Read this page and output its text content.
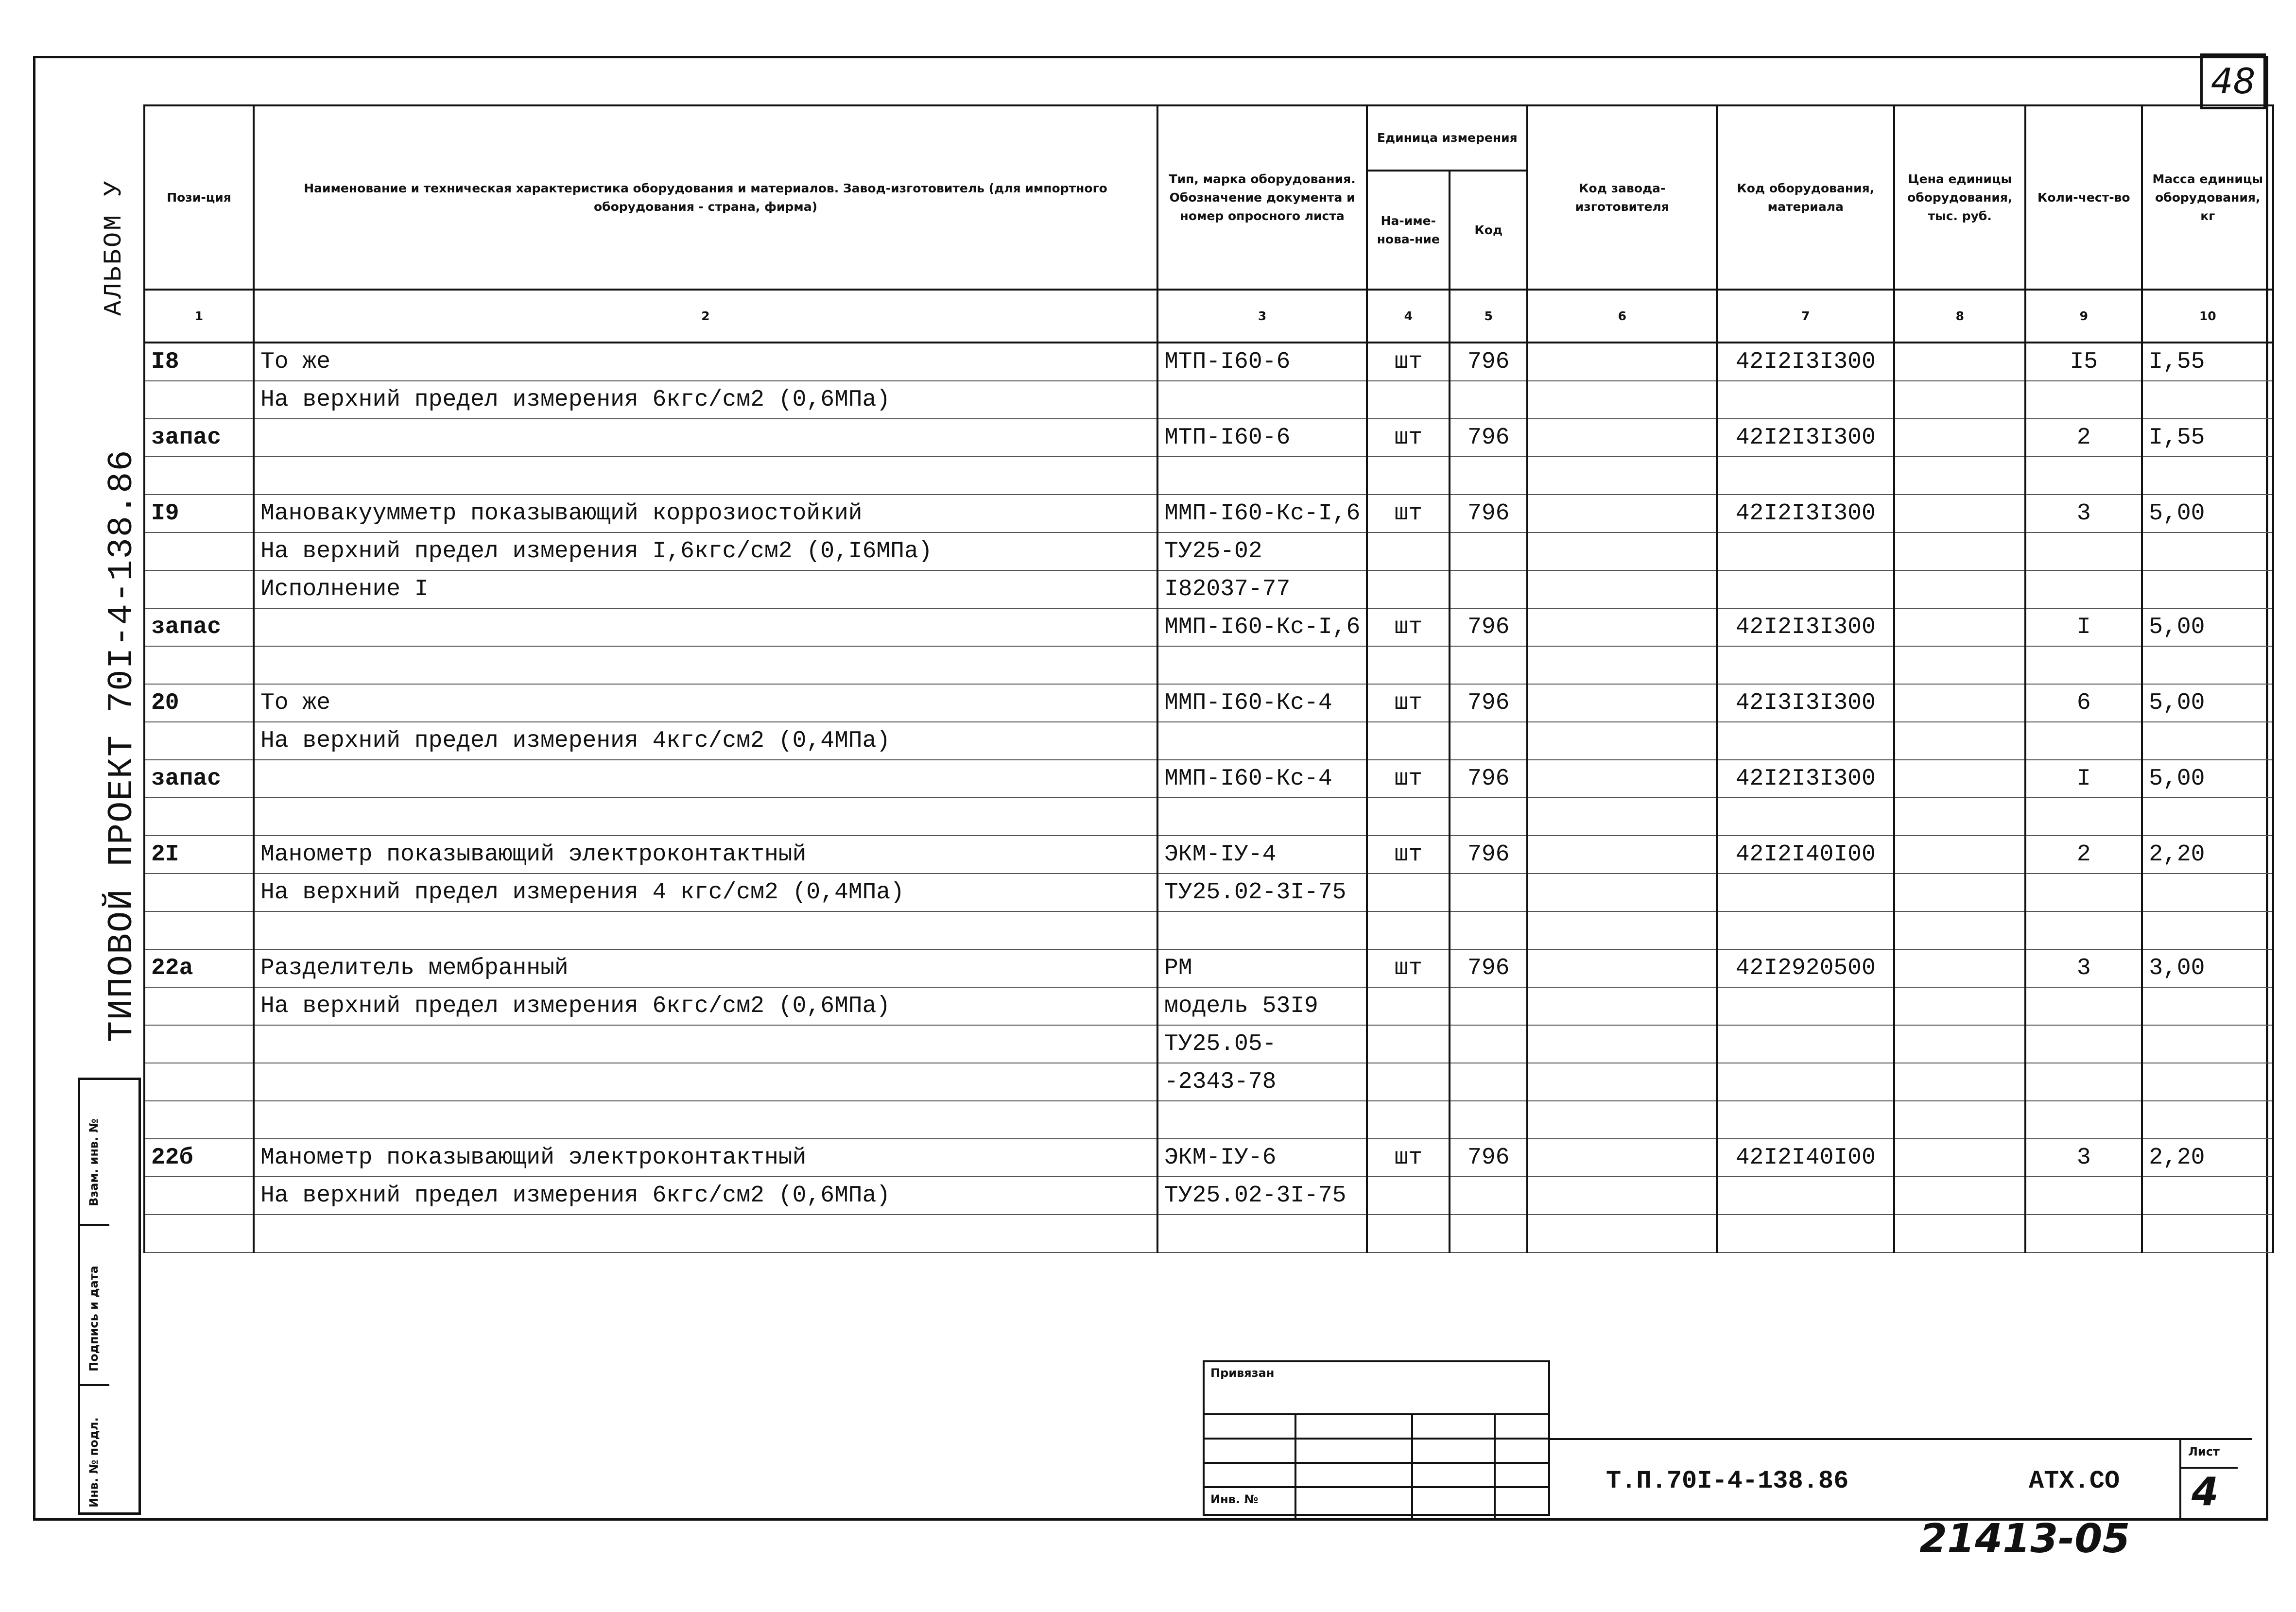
48
АЛЬБОМ У
ТИПОВОЙ ПРОЕКТ 70I-4-138.86
Пози-ция	Наименование и техническая характеристика оборудования и материалов. Завод-изготовитель (для импортного оборудования - страна, фирма)	Тип, марка оборудования. Обозначение документа и номер опросного листа	Единица измерения		Код завода-изготовителя	Код оборудования, материала	Цена единицы оборудования, тыс. руб.	Коли-чест-во	Масса единицы оборудования, кг
			На-име-нова-ние	Код					
1	2	3	4	5	6	7	8	9	10
I8	То же	МТП-I60-6	шт	796		42I2I3I300		I5	I,55
	На верхний предел измерения 6кгс/см2 (0,6МПа)								
запас		МТП-I60-6	шт	796		42I2I3I300		2	I,55

I9	Мановакуумметр показывающий коррозиостойкий	ММП-I60-Кс-I,6	шт	796		42I2I3I300		3	5,00
	На верхний предел измерения I,6кгс/см2 (0,I6МПа)	ТУ25-02							
	Исполнение I	I82037-77							
запас		ММП-I60-Кс-I,6	шт	796		42I2I3I300		I	5,00

20	То же	ММП-I60-Кс-4	шт	796		42I3I3I300		6	5,00
	На верхний предел измерения 4кгс/см2 (0,4МПа)								
запас		ММП-I60-Кс-4	шт	796		42I2I3I300		I	5,00

2I	Манометр показывающий электроконтактный	ЭКМ-IУ-4	шт	796		42I2I40I00		2	2,20
	На верхний предел измерения 4 кгс/см2 (0,4МПа)	ТУ25.02-3I-75							

22а	Разделитель мембранный	РМ	шт	796		42I2920500		3	3,00
	На верхний предел измерения 6кгс/см2 (0,6МПа)	модель 53I9							
		ТУ25.05-							
		-2343-78							

22б	Манометр показывающий электроконтактный	ЭКМ-IУ-6	шт	796		42I2I40I00		3	2,20
	На верхний предел измерения 6кгс/см2 (0,6МПа)	ТУ25.02-3I-75							

Взам. инв. №
Подпись и дата
Инв. № подл.
Привязан
Инв. №
Т.П.70I-4-138.86	АТХ.СО
Лист
4
21413-05
